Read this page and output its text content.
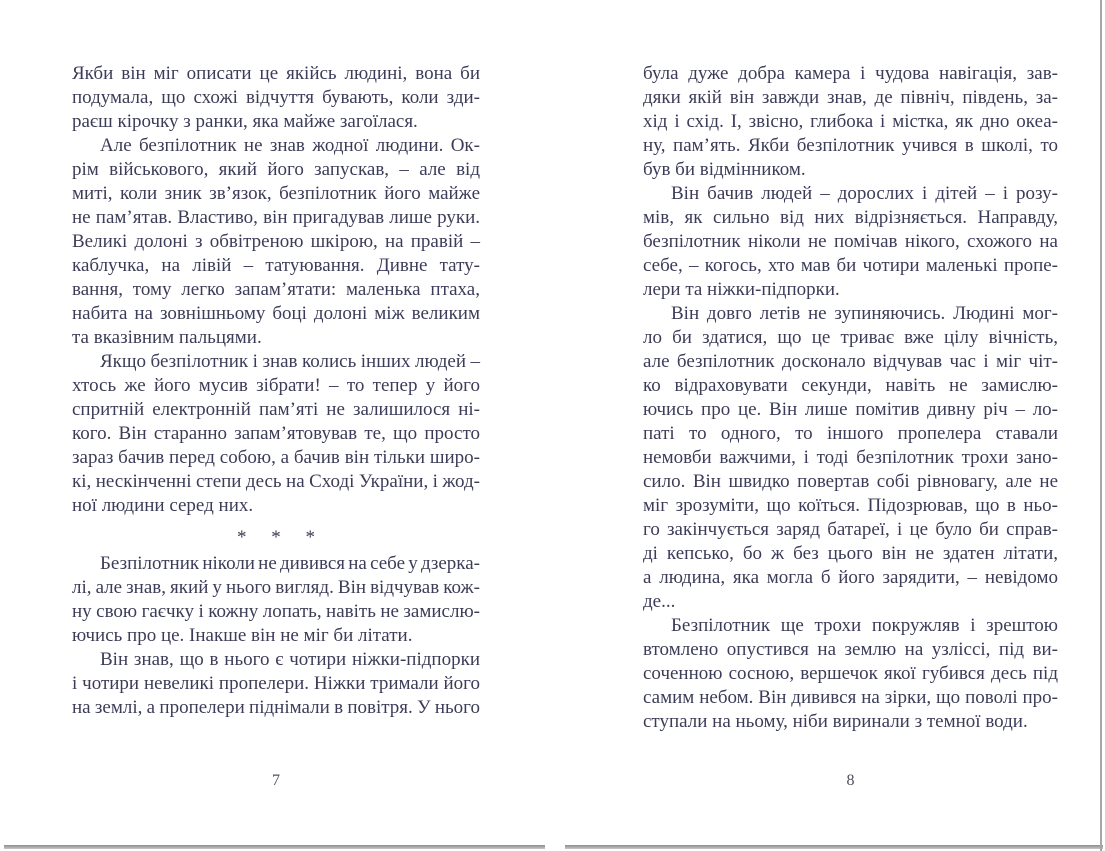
Якби він міг описати це якійсь людині, вона би
подумала, що схожі відчуття бувають, коли зди-
раєш кірочку з ранки, яка майже загоїлася.
Але безпілотник не знав жодної людини. Ок-
рім військового, який його запускав, – але від
миті, коли зник зв’язок, безпілотник його майже
не пам’ятав. Властиво, він пригадував лише руки.
Великі долоні з обвітреною шкірою, на правій –
каблучка, на лівій – татуювання. Дивне тату-
вання, тому легко запам’ятати: маленька птаха,
набита на зовнішньому боці долоні між великим
та вказівним пальцями.
Якщо безпілотник і знав колись інших людей –
хтось же його мусив зібрати! – то тепер у його
спритній електронній пам’яті не залишилося ні-
кого. Він старанно запам’ятовував те, що просто
зараз бачив перед собою, а бачив він тільки широ-
кі, нескінченні степи десь на Сході України, і жод-
ної людини серед них.
* * *
Безпілотник ніколи не дивився на себе у дзерка-
лі, але знав, який у нього вигляд. Він відчував кож-
ну свою гаєчку і кожну лопать, навіть не замислю-
ючись про це. Інакше він не міг би літати.
Він знав, що в нього є чотири ніжки-підпорки
і чотири невеликі пропелери. Ніжки тримали його
на землі, а пропелери піднімали в повітря. У нього
7
була дуже добра камера і чудова навігація, зав-
дяки якій він завжди знав, де північ, південь, за-
хід і схід. І, звісно, глибока і містка, як дно океа-
ну, пам’ять. Якби безпілотник учився в школі, то
був би відмінником.
Він бачив людей – дорослих і дітей – і розу-
мів, як сильно від них відрізняється. Направду,
безпілотник ніколи не помічав нікого, схожого на
себе, – когось, хто мав би чотири маленькі пропе-
лери та ніжки-підпорки.
Він довго летів не зупиняючись. Людині мог-
ло би здатися, що це триває вже цілу вічність,
але безпілотник досконало відчував час і міг чіт-
ко відраховувати секунди, навіть не замислю-
ючись про це. Він лише помітив дивну річ – ло-
паті то одного, то іншого пропелера ставали
немовби важчими, і тоді безпілотник трохи зано-
сило. Він швидко повертав собі рівновагу, але не
міг зрозуміти, що коїться. Підозрював, що в ньо-
го закінчується заряд батареї, і це було би справ-
ді кепсько, бо ж без цього він не здатен літати,
а людина, яка могла б його зарядити, – невідомо
де...
Безпілотник ще трохи покружляв і зрештою
втомлено опустився на землю на узліссі, під ви-
соченною сосною, вершечок якої губився десь під
самим небом. Він дивився на зірки, що поволі про-
ступали на ньому, ніби виринали з темної води.
8
